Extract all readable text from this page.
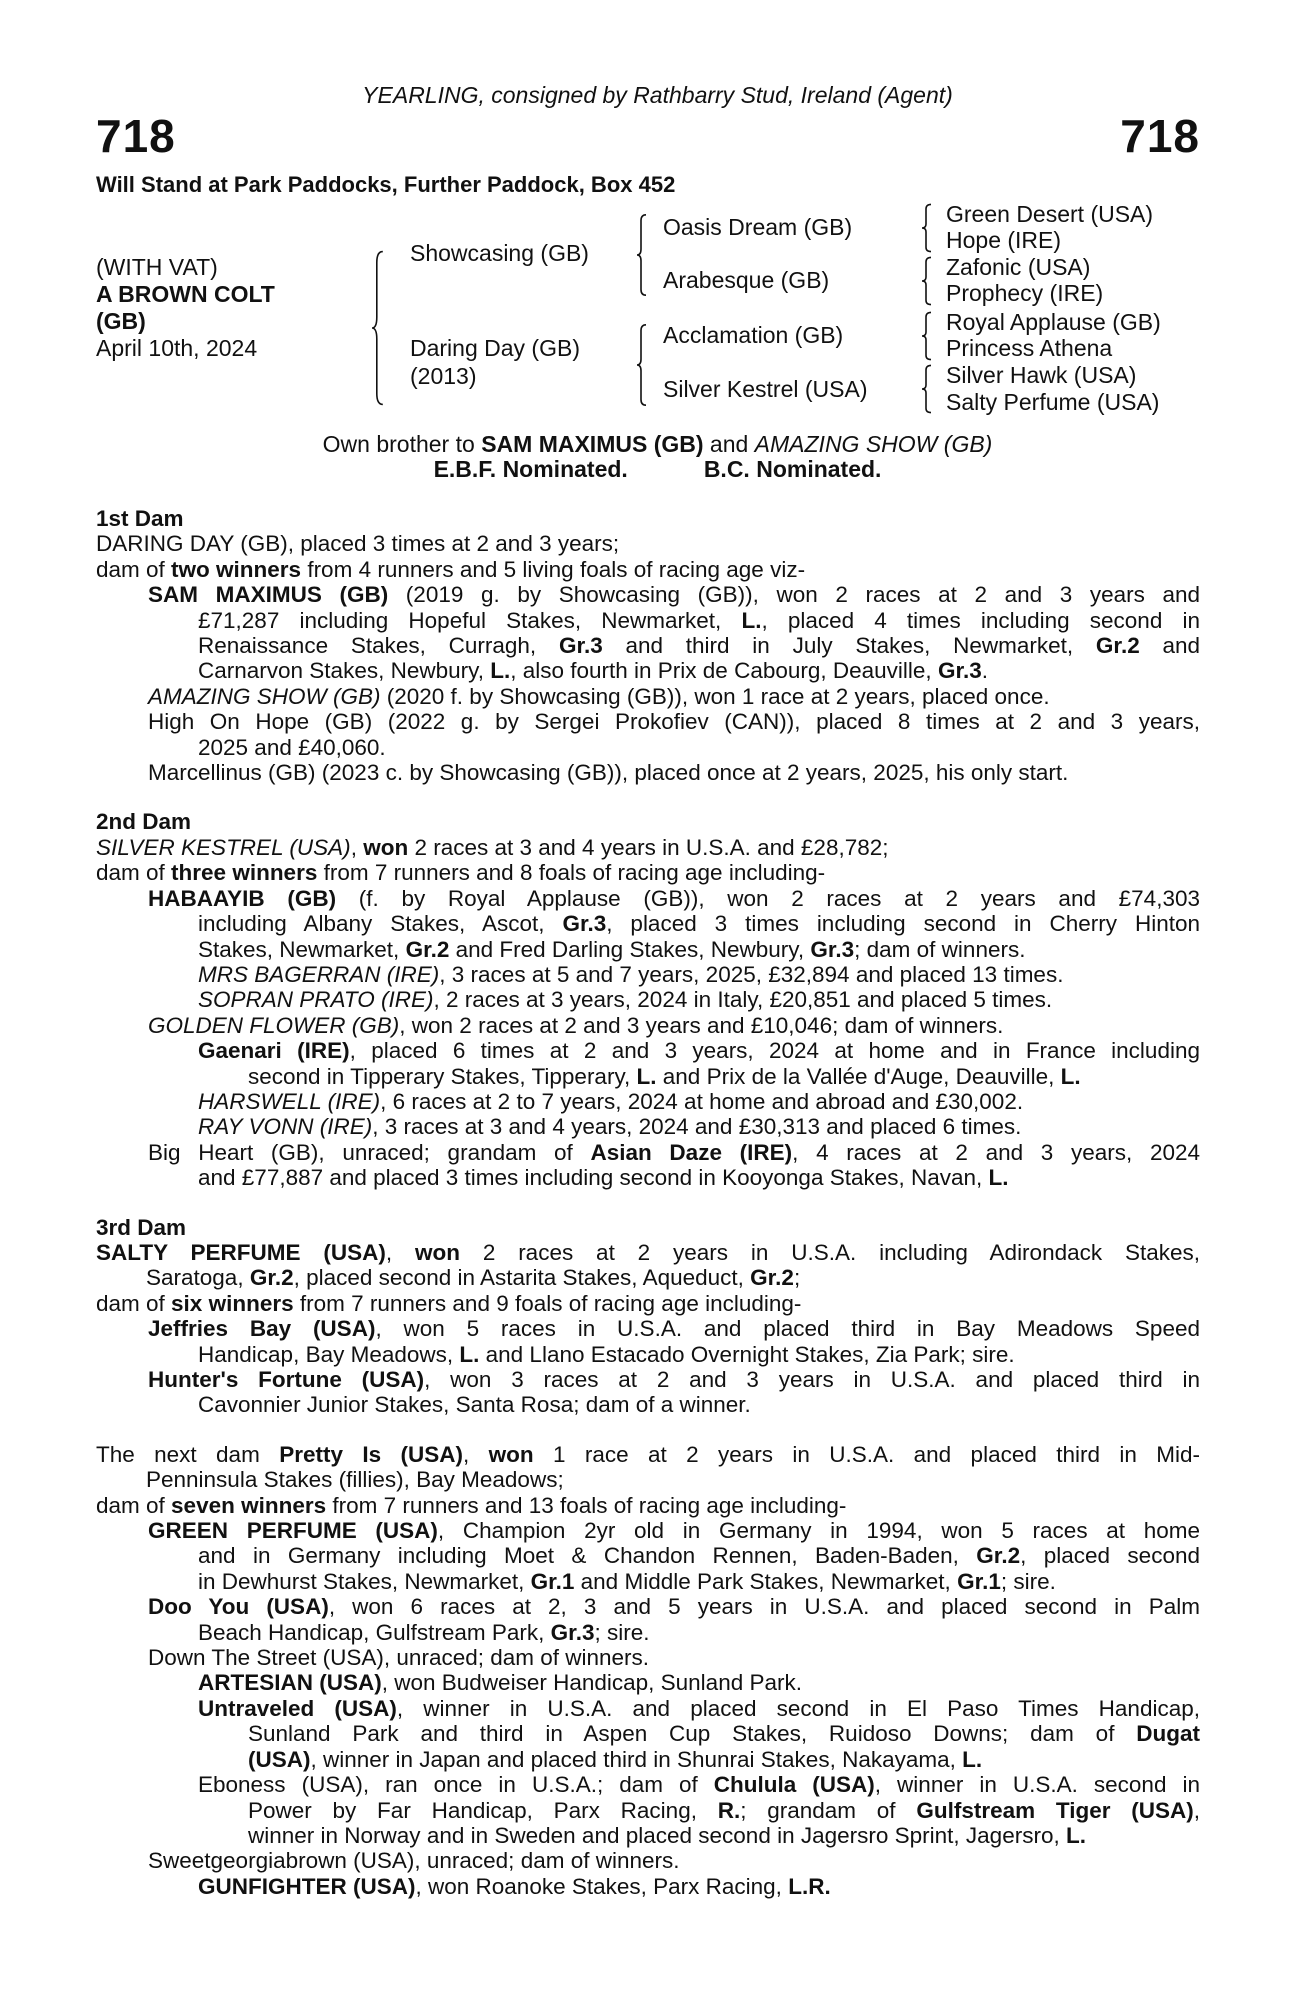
YEARLING, consigned by Rathbarry Stud, Ireland (Agent)
718	718
Will Stand at Park Paddocks, Further Paddock, Box 452
(WITH VAT)
A BROWN COLT
(GB)
April 10th, 2024
Showcasing (GB)
Daring Day (GB)
(2013)
Oasis Dream (GB)
Arabesque (GB)
Acclamation (GB)
Silver Kestrel (USA)
Green Desert (USA)
Hope (IRE)
Zafonic (USA)
Prophecy (IRE)
Royal Applause (GB)
Princess Athena
Silver Hawk (USA)
Salty Perfume (USA)
Own brother to SAM MAXIMUS (GB) and AMAZING SHOW (GB)
E.B.F. Nominated.	B.C. Nominated.
1st Dam
DARING DAY (GB), placed 3 times at 2 and 3 years;
dam of two winners from 4 runners and 5 living foals of racing age viz-
SAM MAXIMUS (GB) (2019 g. by Showcasing (GB)), won 2 races at 2 and 3 years and
£71,287 including Hopeful Stakes, Newmarket, L., placed 4 times including second in
Renaissance Stakes, Curragh, Gr.3 and third in July Stakes, Newmarket, Gr.2 and
Carnarvon Stakes, Newbury, L., also fourth in Prix de Cabourg, Deauville, Gr.3.
AMAZING SHOW (GB) (2020 f. by Showcasing (GB)), won 1 race at 2 years, placed once.
High On Hope (GB) (2022 g. by Sergei Prokofiev (CAN)), placed 8 times at 2 and 3 years,
2025 and £40,060.
Marcellinus (GB) (2023 c. by Showcasing (GB)), placed once at 2 years, 2025, his only start.
2nd Dam
SILVER KESTREL (USA), won 2 races at 3 and 4 years in U.S.A. and £28,782;
dam of three winners from 7 runners and 8 foals of racing age including-
HABAAYIB (GB) (f. by Royal Applause (GB)), won 2 races at 2 years and £74,303
including Albany Stakes, Ascot, Gr.3, placed 3 times including second in Cherry Hinton
Stakes, Newmarket, Gr.2 and Fred Darling Stakes, Newbury, Gr.3; dam of winners.
MRS BAGERRAN (IRE), 3 races at 5 and 7 years, 2025, £32,894 and placed 13 times.
SOPRAN PRATO (IRE), 2 races at 3 years, 2024 in Italy, £20,851 and placed 5 times.
GOLDEN FLOWER (GB), won 2 races at 2 and 3 years and £10,046; dam of winners.
Gaenari (IRE), placed 6 times at 2 and 3 years, 2024 at home and in France including
second in Tipperary Stakes, Tipperary, L. and Prix de la Vallée d'Auge, Deauville, L.
HARSWELL (IRE), 6 races at 2 to 7 years, 2024 at home and abroad and £30,002.
RAY VONN (IRE), 3 races at 3 and 4 years, 2024 and £30,313 and placed 6 times.
Big Heart (GB), unraced; grandam of Asian Daze (IRE), 4 races at 2 and 3 years, 2024
and £77,887 and placed 3 times including second in Kooyonga Stakes, Navan, L.
3rd Dam
SALTY PERFUME (USA), won 2 races at 2 years in U.S.A. including Adirondack Stakes,
Saratoga, Gr.2, placed second in Astarita Stakes, Aqueduct, Gr.2;
dam of six winners from 7 runners and 9 foals of racing age including-
Jeffries Bay (USA), won 5 races in U.S.A. and placed third in Bay Meadows Speed
Handicap, Bay Meadows, L. and Llano Estacado Overnight Stakes, Zia Park; sire.
Hunter's Fortune (USA), won 3 races at 2 and 3 years in U.S.A. and placed third in
Cavonnier Junior Stakes, Santa Rosa; dam of a winner.
The next dam Pretty Is (USA), won 1 race at 2 years in U.S.A. and placed third in Mid-
Penninsula Stakes (fillies), Bay Meadows;
dam of seven winners from 7 runners and 13 foals of racing age including-
GREEN PERFUME (USA), Champion 2yr old in Germany in 1994, won 5 races at home
and in Germany including Moet & Chandon Rennen, Baden-Baden, Gr.2, placed second
in Dewhurst Stakes, Newmarket, Gr.1 and Middle Park Stakes, Newmarket, Gr.1; sire.
Doo You (USA), won 6 races at 2, 3 and 5 years in U.S.A. and placed second in Palm
Beach Handicap, Gulfstream Park, Gr.3; sire.
Down The Street (USA), unraced; dam of winners.
ARTESIAN (USA), won Budweiser Handicap, Sunland Park.
Untraveled (USA), winner in U.S.A. and placed second in El Paso Times Handicap,
Sunland Park and third in Aspen Cup Stakes, Ruidoso Downs; dam of Dugat
(USA), winner in Japan and placed third in Shunrai Stakes, Nakayama, L.
Eboness (USA), ran once in U.S.A.; dam of Chulula (USA), winner in U.S.A. second in
Power by Far Handicap, Parx Racing, R.; grandam of Gulfstream Tiger (USA),
winner in Norway and in Sweden and placed second in Jagersro Sprint, Jagersro, L.
Sweetgeorgiabrown (USA), unraced; dam of winners.
GUNFIGHTER (USA), won Roanoke Stakes, Parx Racing, L.R.
